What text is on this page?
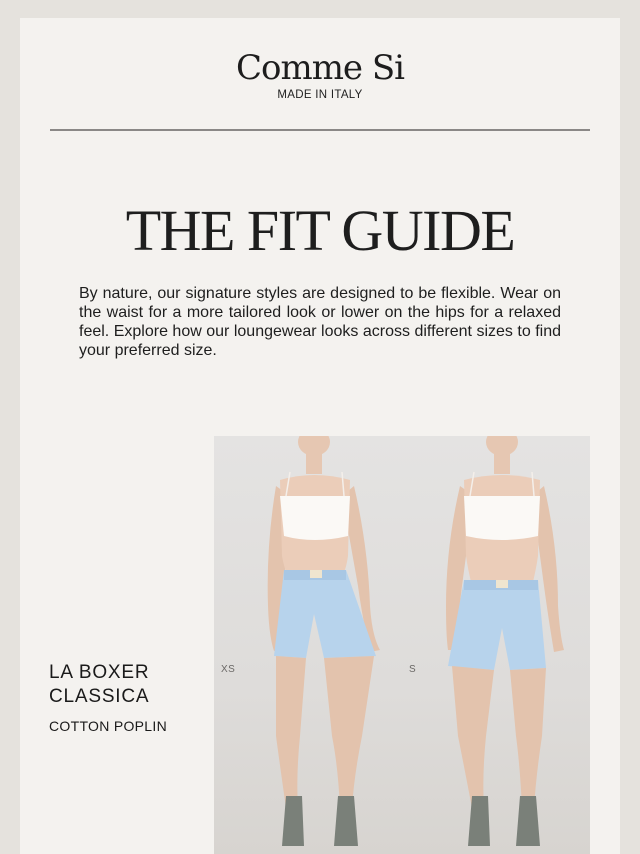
Comme Si
MADE IN ITALY
THE FIT GUIDE
By nature, our signature styles are designed to be flexible. Wear on the waist for a more tailored look or lower on the hips for a relaxed feel. Explore how our loungewear looks across different sizes to find your preferred size.
LA BOXER CLASSICA
COTTON POPLIN
XS	S
